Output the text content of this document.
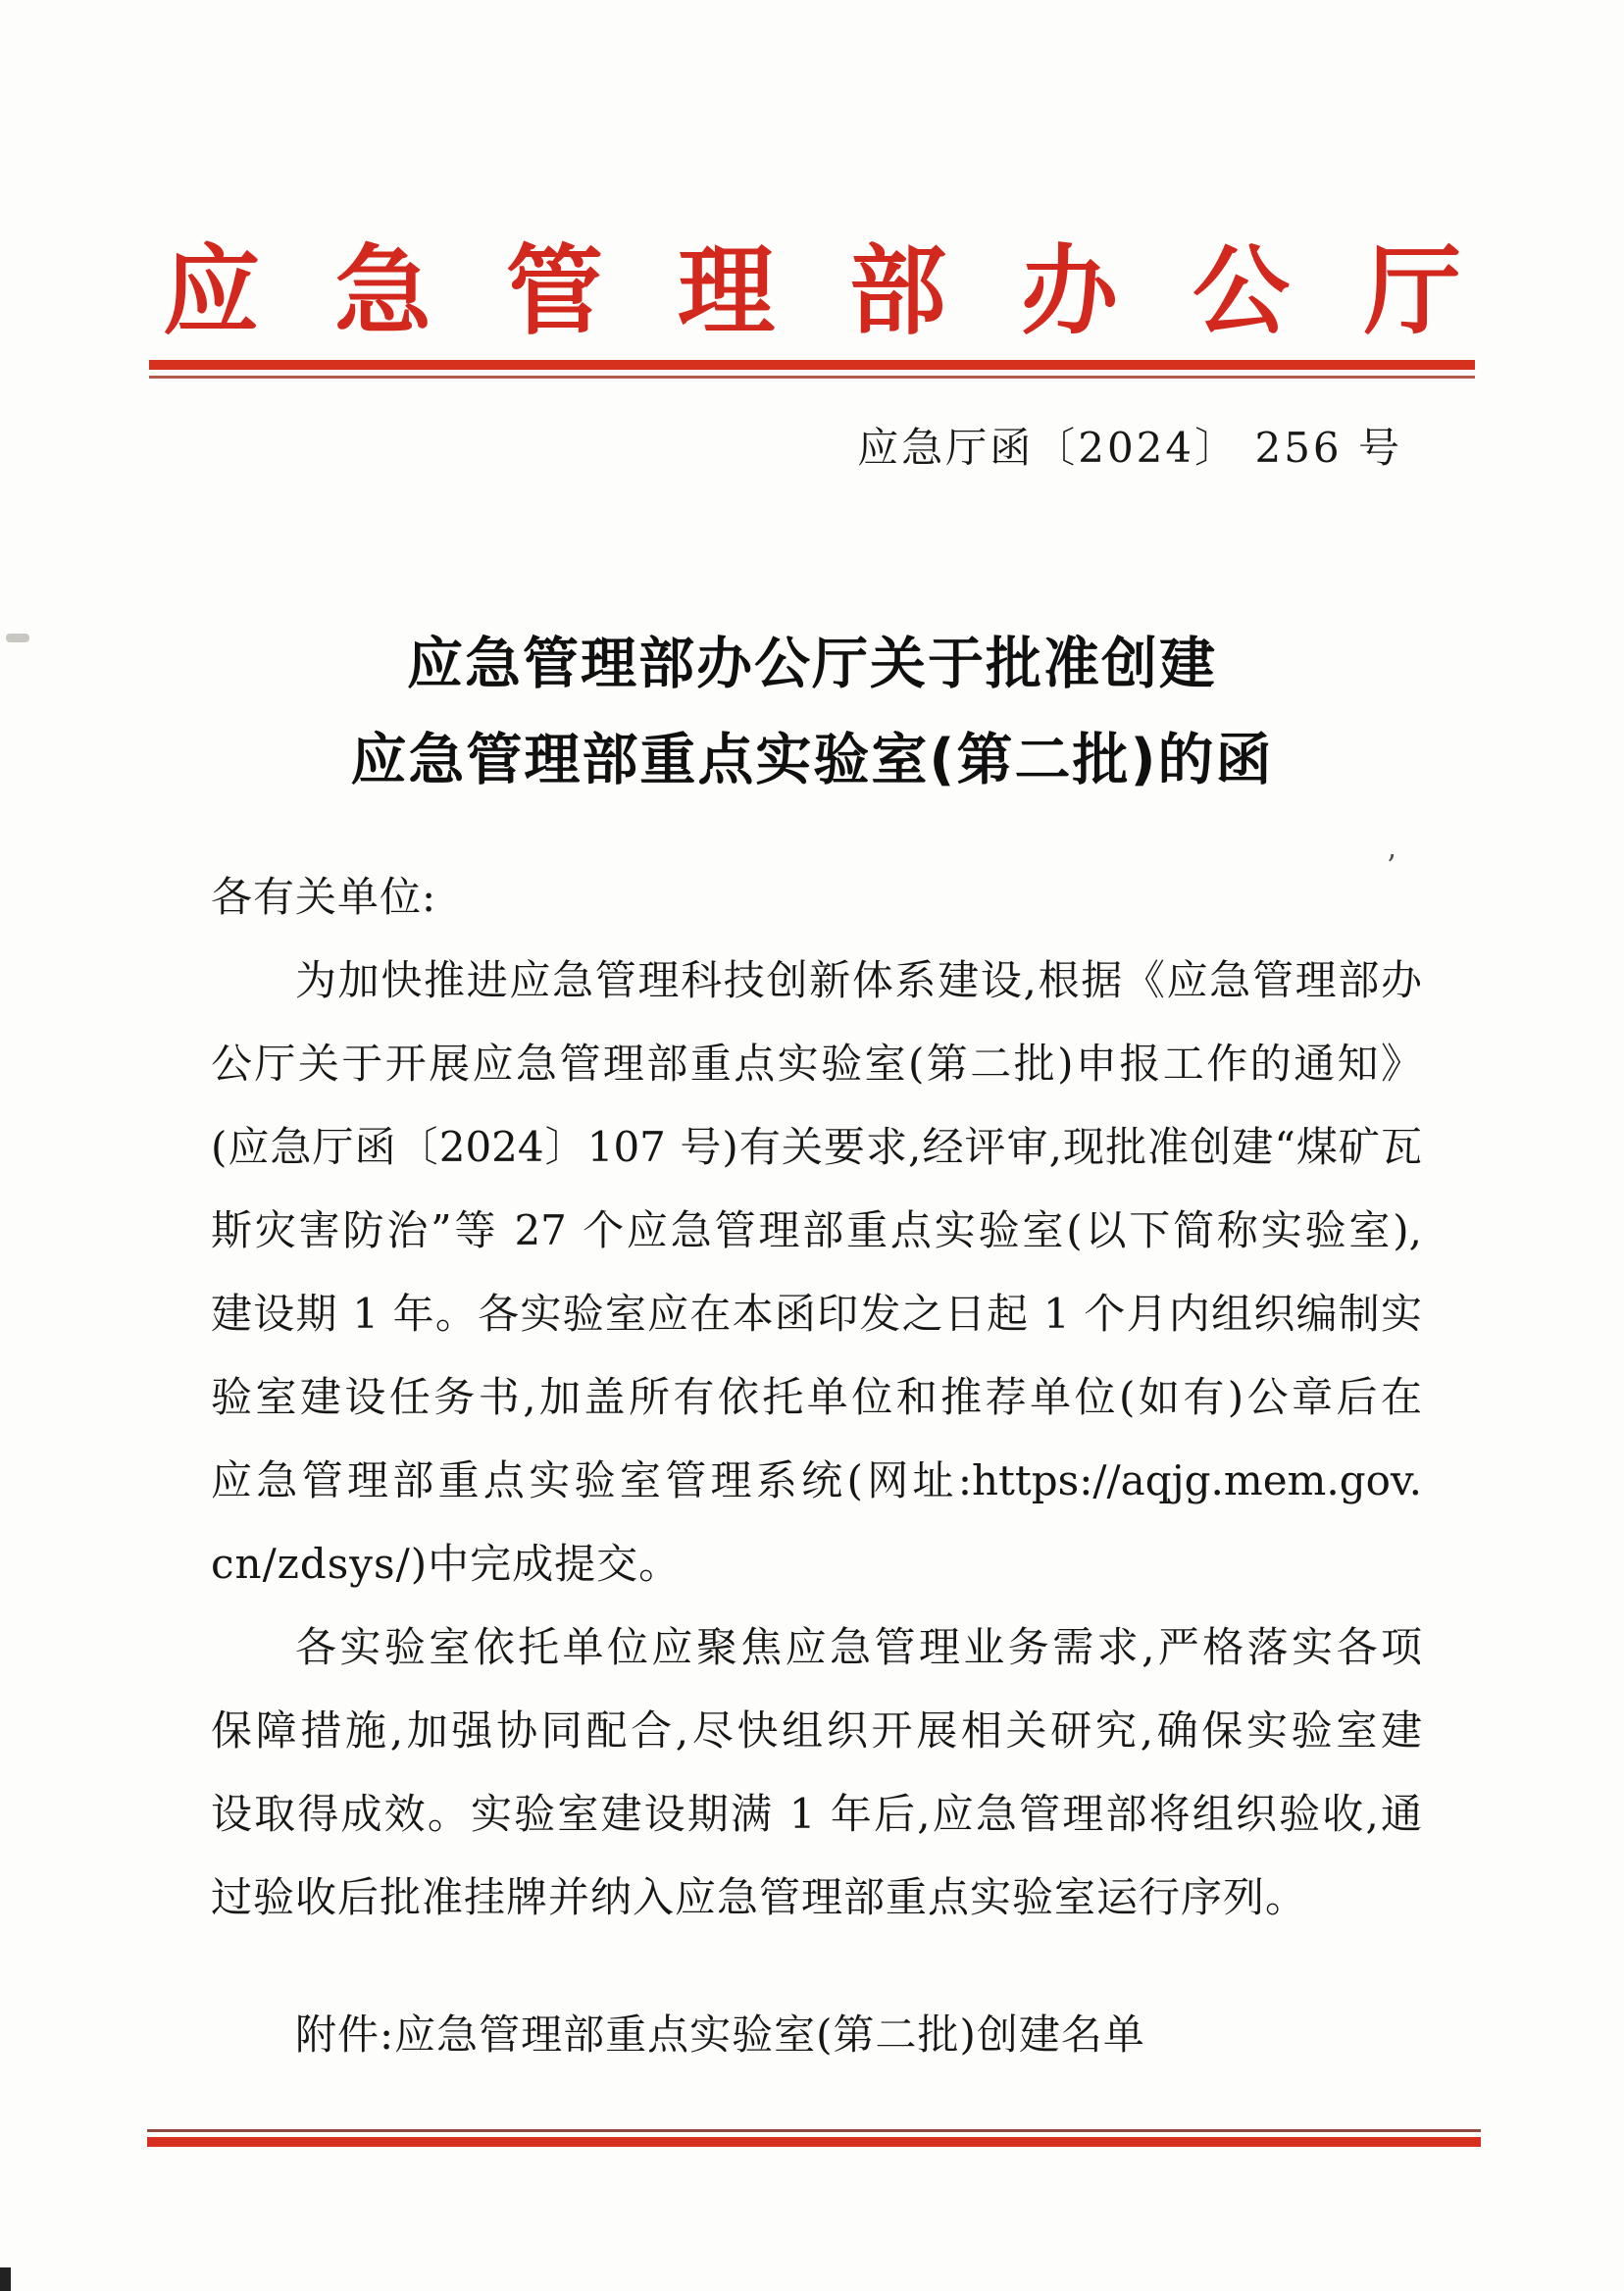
应急管理部办公厅
应急厅函〔2024〕 256 号
应急管理部办公厅关于批准创建
应急管理部重点实验室(第二批)的函
各有关单位:
为加快推进应急管理科技创新体系建设,根据《应急管理部办
公厅关于开展应急管理部重点实验室(第二批)申报工作的通知》
(应急厅函〔2024〕107 号)有关要求,经评审,现批准创建“煤矿瓦
斯灾害防治”等 27 个应急管理部重点实验室(以下简称实验室),
建设期 1 年。各实验室应在本函印发之日起 1 个月内组织编制实
验室建设任务书,加盖所有依托单位和推荐单位(如有)公章后在
应急管理部重点实验室管理系统(网址:https://aqjg.mem.gov.
cn/zdsys/)中完成提交。
各实验室依托单位应聚焦应急管理业务需求,严格落实各项
保障措施,加强协同配合,尽快组织开展相关研究,确保实验室建
设取得成效。实验室建设期满 1 年后,应急管理部将组织验收,通
过验收后批准挂牌并纳入应急管理部重点实验室运行序列。
附件:应急管理部重点实验室(第二批)创建名单
’
